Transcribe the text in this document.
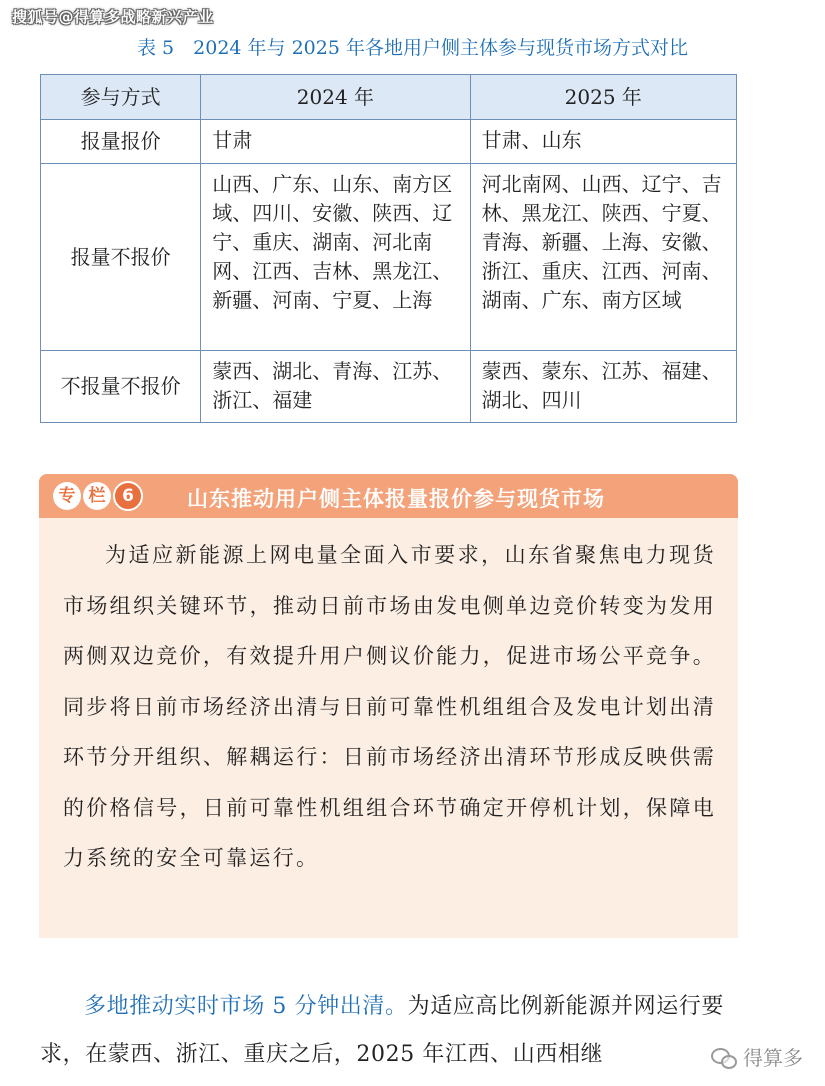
搜狐号@得算多战略新兴产业
表 5　2024 年与 2025 年各地用户侧主体参与现货市场方式对比
参与方式	2024 年	2025 年
报量报价	甘肃	甘肃、山东
报量不报价	山西、广东、山东、南方区域、四川、安徽、陕西、辽宁、重庆、湖南、河北南网、江西、吉林、黑龙江、新疆、河南、宁夏、上海	河北南网、山西、辽宁、吉林、黑龙江、陕西、宁夏、青海、新疆、上海、安徽、浙江、重庆、江西、河南、湖南、广东、南方区域
不报量不报价	蒙西、湖北、青海、江苏、浙江、福建	蒙西、蒙东、江苏、福建、湖北、四川
专 栏 6	山东推动用户侧主体报量报价参与现货市场
为适应新能源上网电量全面入市要求，山东省聚焦电力现货市场组织关键环节，推动日前市场由发电侧单边竞价转变为发用两侧双边竞价，有效提升用户侧议价能力，促进市场公平竞争。同步将日前市场经济出清与日前可靠性机组组合及发电计划出清环节分开组织、解耦运行：日前市场经济出清环节形成反映供需的价格信号，日前可靠性机组组合环节确定开停机计划，保障电力系统的安全可靠运行。
多地推动实时市场 5 分钟出清。为适应高比例新能源并网运行要求，在蒙西、浙江、重庆之后，2025 年江西、山西相继	得算多
